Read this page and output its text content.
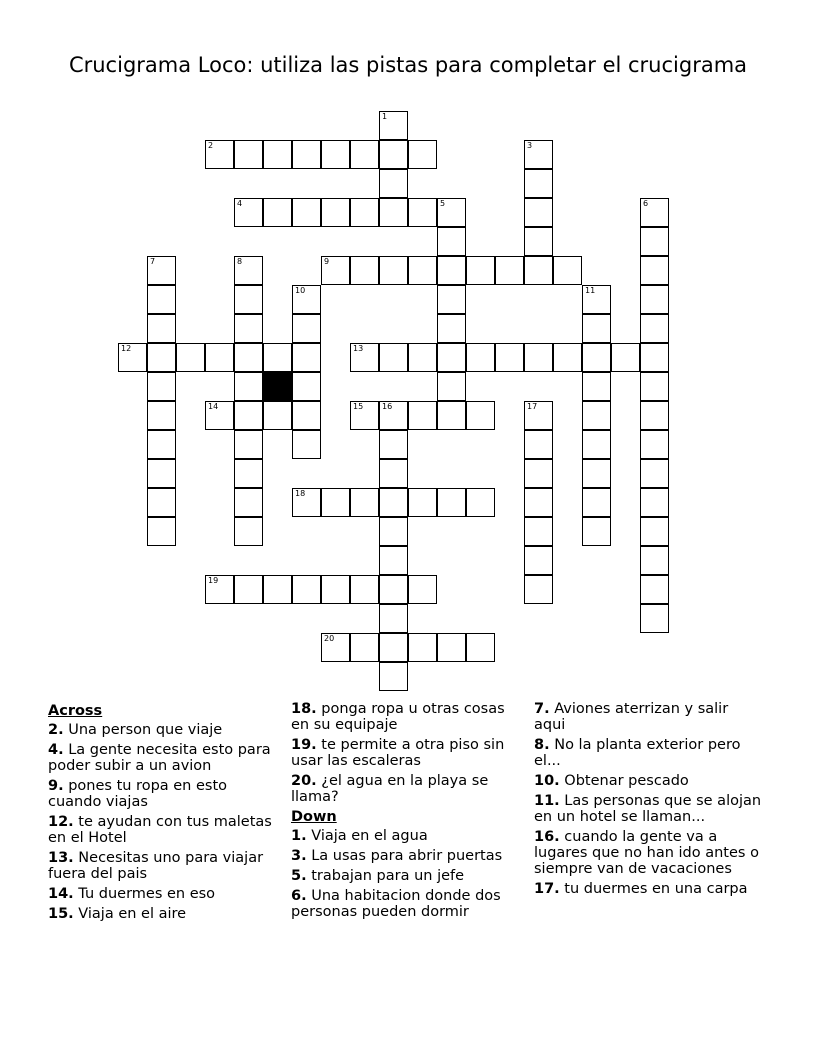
Crucigrama Loco: utiliza las pistas para completar el crucigrama
2
4
9
12	13
14	15 16
18
19
20
1
3
5	6
7	8
10	11
17
Across
2. Una person que viaje
4. La gente necesita esto para poder subir a un avion
9. pones tu ropa en esto cuando viajas
12. te ayudan con tus maletas en el Hotel
13. Necesitas uno para viajar fuera del pais
14. Tu duermes en eso
15. Viaja en el aire
18. ponga ropa u otras cosas en su equipaje
19. te permite a otra piso sin usar las escaleras
20. ¿el agua en la playa se llama?
Down
1. Viaja en el agua
3. La usas para abrir puertas
5. trabajan para un jefe
6. Una habitacion donde dos personas pueden dormir
7. Aviones aterrizan y salir aqui
8. No la planta exterior pero el...
10. Obtenar pescado
11. Las personas que se alojan en un hotel se llaman...
16. cuando la gente va a lugares que no han ido antes o siempre van de vacaciones
17. tu duermes en una carpa
